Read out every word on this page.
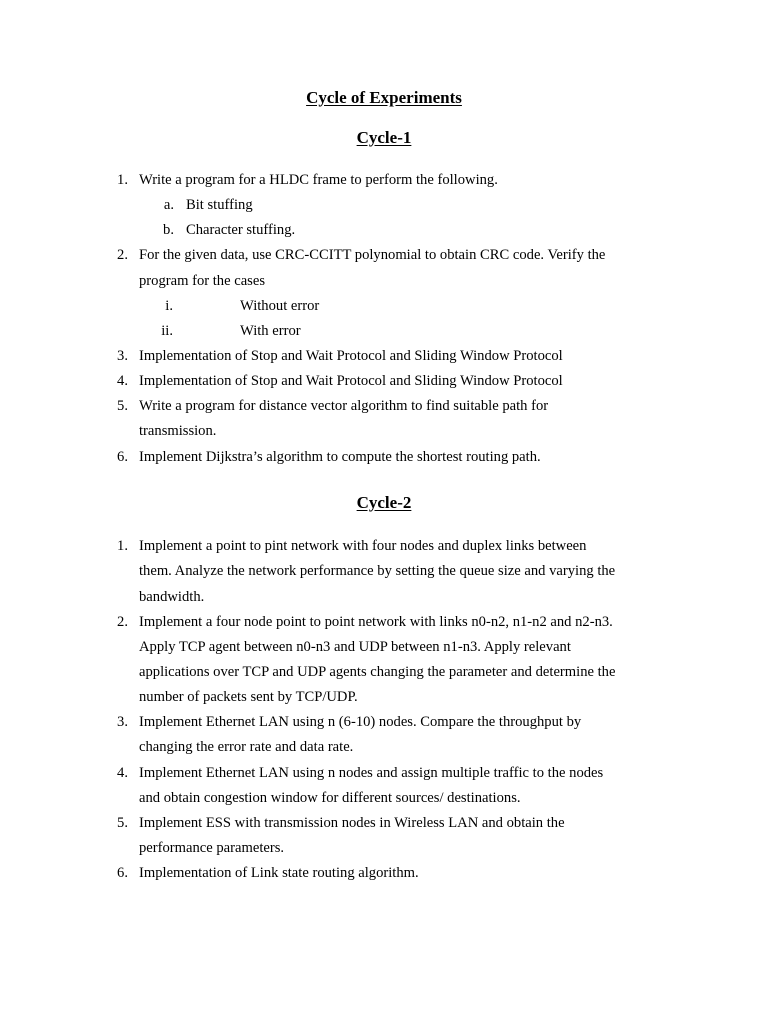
Cycle of Experiments
Cycle-1
1. Write a program for a HLDC frame to perform the following.
a. Bit stuffing
b. Character stuffing.
2. For the given data, use CRC-CCITT polynomial to obtain CRC code. Verify the
program for the cases
i.	Without error
ii.	With error
3. Implementation of Stop and Wait Protocol and Sliding Window Protocol
4. Implementation of Stop and Wait Protocol and Sliding Window Protocol
5. Write a program for distance vector algorithm to find suitable path for
transmission.
6. Implement Dijkstra’s algorithm to compute the shortest routing path.
Cycle-2
1. Implement a point to pint network with four nodes and duplex links between
them. Analyze the network performance by setting the queue size and varying the
bandwidth.
2. Implement a four node point to point network with links n0-n2, n1-n2 and n2-n3.
Apply TCP agent between n0-n3 and UDP between n1-n3. Apply relevant
applications over TCP and UDP agents changing the parameter and determine the
number of packets sent by TCP/UDP.
3. Implement Ethernet LAN using n (6-10) nodes. Compare the throughput by
changing the error rate and data rate.
4. Implement Ethernet LAN using n nodes and assign multiple traffic to the nodes
and obtain congestion window for different sources/ destinations.
5. Implement ESS with transmission nodes in Wireless LAN and obtain the
performance parameters.
6. Implementation of Link state routing algorithm.
